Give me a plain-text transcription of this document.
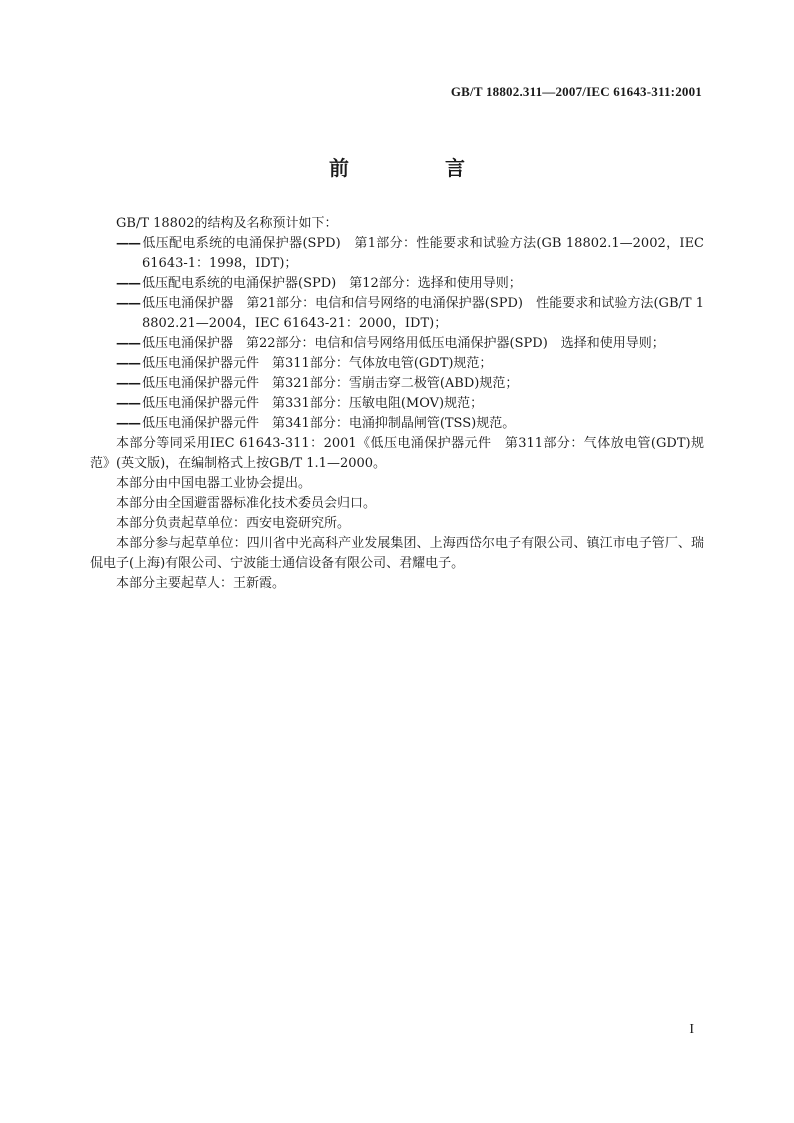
GB/T 18802.311—2007/IEC 61643-311:2001
前　言

GB/T 18802的结构及名称预计如下：

—— 低压配电系统的电涌保护器(SPD)　第1部分：性能要求和试验方法(GB 18802.1—2002，IEC 61643-1：1998，IDT)；

—— 低压配电系统的电涌保护器(SPD)　第12部分：选择和使用导则；

—— 低压电涌保护器　第21部分：电信和信号网络的电涌保护器(SPD)　性能要求和试验方法(GB/T 18802.21—2004，IEC 61643-21：2000，IDT)；

—— 低压电涌保护器　第22部分：电信和信号网络用低压电涌保护器(SPD)　选择和使用导则；

—— 低压电涌保护器元件　第311部分：气体放电管(GDT)规范；

—— 低压电涌保护器元件　第321部分：雪崩击穿二极管(ABD)规范；

—— 低压电涌保护器元件　第331部分：压敏电阻(MOV)规范；

—— 低压电涌保护器元件　第341部分：电涌抑制晶闸管(TSS)规范。

本部分等同采用IEC 61643-311：2001《低压电涌保护器元件　第311部分：气体放电管(GDT)规范》(英文版)，在编制格式上按GB/T 1.1—2000。

本部分由中国电器工业协会提出。

本部分由全国避雷器标准化技术委员会归口。

本部分负责起草单位：西安电瓷研究所。

本部分参与起草单位：四川省中光高科产业发展集团、上海西岱尔电子有限公司、镇江市电子管厂、瑞侃电子(上海)有限公司、宁波能士通信设备有限公司、君耀电子。

本部分主要起草人：王新霞。

I
